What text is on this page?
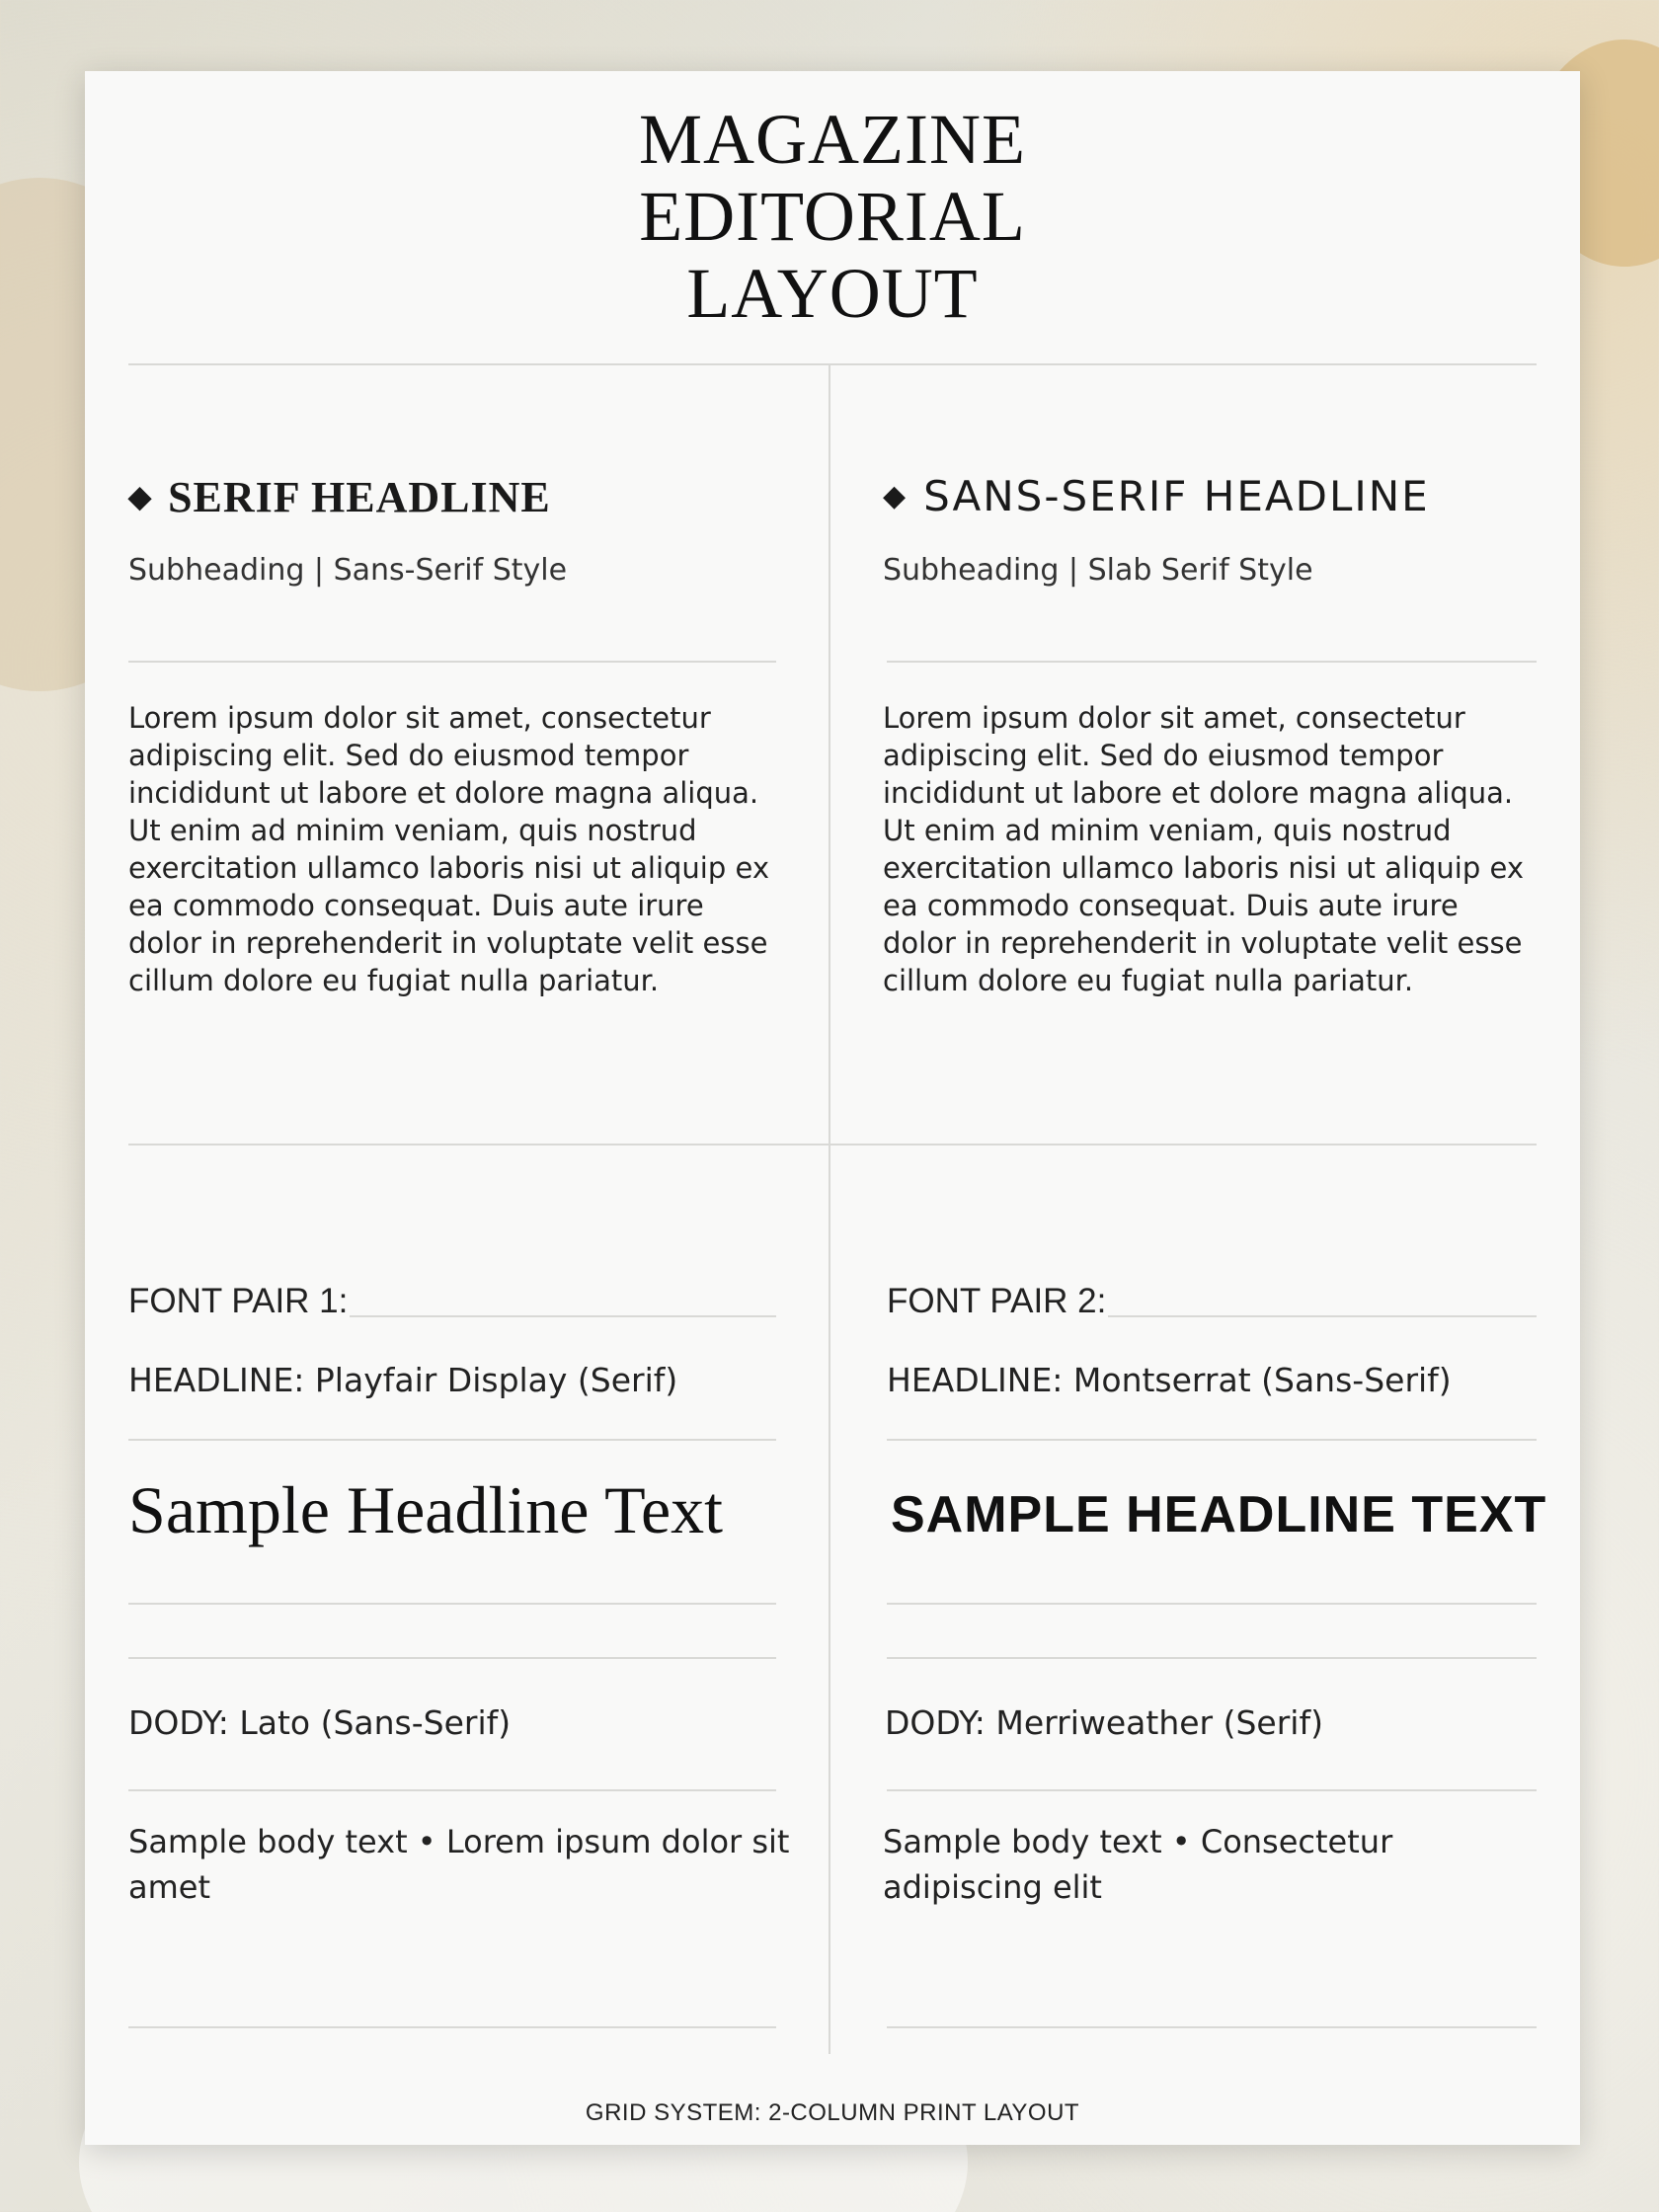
MAGAZINE
EDITORIAL
LAYOUT
◆ SERIF HEADLINE
Subheading | Sans-Serif Style
Lorem ipsum dolor sit amet, consectetur adipiscing elit. Sed do eiusmod tempor incididunt ut labore et dolore magna aliqua. Ut enim ad minim veniam, quis nostrud exercitation ullamco laboris nisi ut aliquip ex ea commodo consequat. Duis aute irure dolor in reprehenderit in voluptate velit esse cillum dolore eu fugiat nulla pariatur.
FONT PAIR 1:
HEADLINE: Playfair Display (Serif)
Sample Headline Text
DODY: Lato (Sans-Serif)
Sample body text • Lorem ipsum dolor sit amet
◆ SANS-SERIF HEADLINE
Subheading | Slab Serif Style
Lorem ipsum dolor sit amet, consectetur adipiscing elit. Sed do eiusmod tempor incididunt ut labore et dolore magna aliqua. Ut enim ad minim veniam, quis nostrud exercitation ullamco laboris nisi ut aliquip ex ea commodo consequat. Duis aute irure dolor in reprehenderit in voluptate velit esse cillum dolore eu fugiat nulla pariatur.
FONT PAIR 2:
HEADLINE: Montserrat (Sans-Serif)
SAMPLE HEADLINE TEXT
DODY: Merriweather (Serif)
Sample body text • Consectetur adipiscing elit
GRID SYSTEM: 2-COLUMN PRINT LAYOUT
